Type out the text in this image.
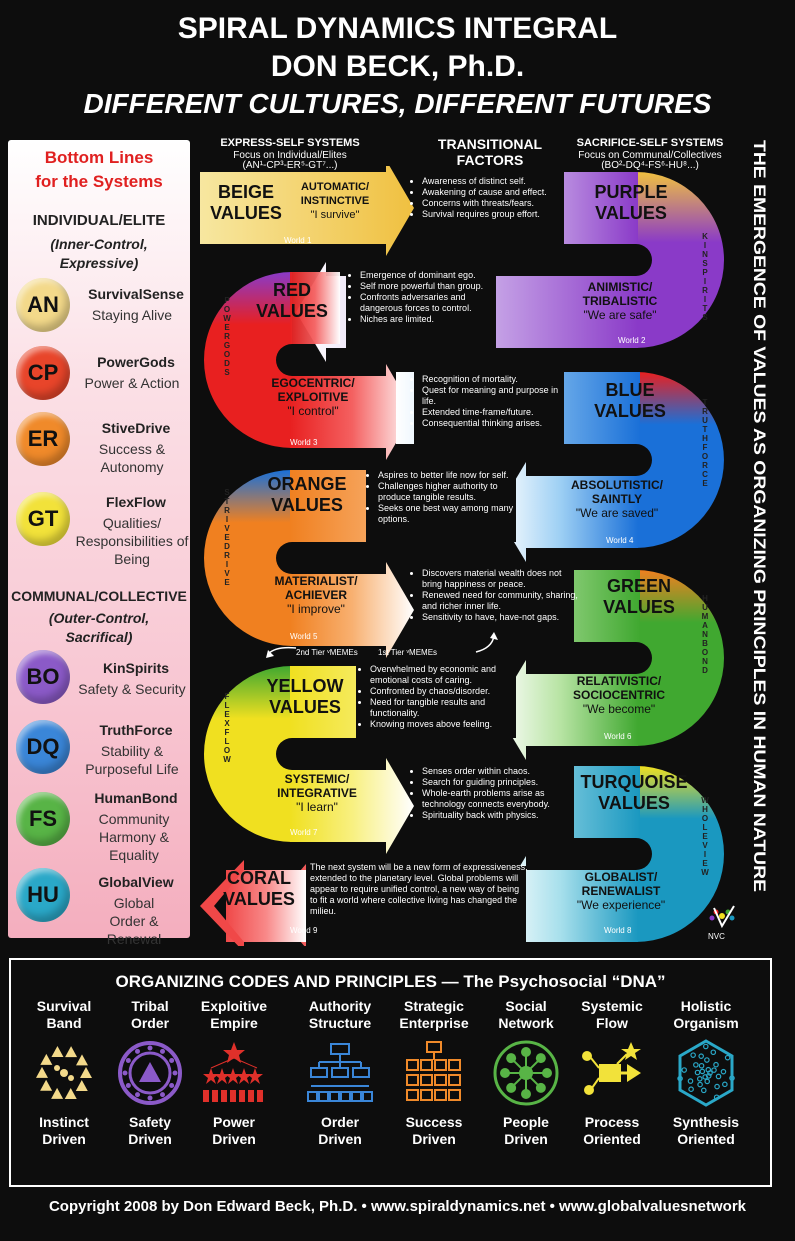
SPIRAL DYNAMICS INTEGRAL
DON BECK, Ph.D.
DIFFERENT CULTURES, DIFFERENT FUTURES
Bottom Lines
for the Systems
INDIVIDUAL/ELITE
(Inner-Control,
Expressive)
AN	SurvivalSense
Staying Alive
CP	PowerGods
Power & Action
ER	StiveDrive
Success & Autonomy
GT
FlexFlow
Qualities/ Responsibilities of Being
COMMUNAL/COLLECTIVE
(Outer-Control,
Sacrifical)
BO	KinSpirits
Safety & Security
DQ
TruthForce
Stability & Purposeful Life
FS
HumanBond
Community Harmony & Equality
HU	GlobalView
Global Order & Renewal
EXPRESS-SELF SYSTEMS
Focus on Individual/Elites
(AN¹-CP³-ER⁵-GT⁷...)
TRANSITIONAL
FACTORS
SACRIFICE-SELF SYSTEMS
Focus on Communal/Collectives
(BO²-DQ⁴-FS⁶-HU⁸...)	THE EMERGENCE OF VALUES AS ORGANIZING PRINCIPLES IN HUMAN NATURE
BEIGE
VALUES
AUTOMATIC/
INSTINCTIVE
"I survive"
World 1
• Awareness of distinct self.
• Awakening of cause and effect.
• Concerns with threats/fears.
• Survival requires group effort.
PURPLE
VALUES
ANIMISTIC/
TRIBALISTIC
"We are safe"
World 2
• Emergence of dominant ego.
• Self more powerful than group.
• Confronts adversaries and dangerous forces to control.
• Niches are limited.
RED
VALUES
EGOCENTRIC/
EXPLOITIVE
"I control"
World 3
• Recognition of mortality.
• Quest for meaning and purpose in life.
• Extended time-frame/future.
• Consequential thinking arises.
BLUE
VALUES
ABSOLUTISTIC/
SAINTLY
"We are saved"
World 4
• Aspires to better life now for self.
• Challenges higher authority to produce tangible results.
• Seeks one best way among many options.
ORANGE
VALUES
MATERIALIST/
ACHIEVER
"I improve"
World 5
• Discovers material wealth does not bring happiness or peace.
• Renewed need for community, sharing, and richer inner life.
• Sensitivity to have, have-not gaps.
2nd Tier ᵛMEMEs	1st Tier ᵛMEMEs
GREEN
VALUES
RELATIVISTIC/
SOCIOCENTRIC
"We become"
World 6
• Overwhelmed by economic and emotional costs of caring.
• Confronted by chaos/disorder.
• Need for tangible results and functionality.
• Knowing moves above feeling.
YELLOW
VALUES
SYSTEMIC/
INTEGRATIVE
"I learn"
World 7
• Senses order within chaos.
• Search for guiding principles.
• Whole-earth problems arise as technology connects everybody.
• Spirituality back with physics.
TURQUOISE
VALUES
GLOBALIST/
RENEWALIST
"We experience"
World 8
The next system will be a new form of expressiveness, extended to the planetary level. Global problems will appear to require unified control, a new way of being to fit a world where collective living has changed the milieu.
CORAL
VALUES
World 9
NVC
K
I
N
S
P
I
R
I
T
S
P
O
W
E
R
G
O
D
S
T
R
U
T
H
F
O
R
C
E
S
T
R
I
V
E
D
R
I
V
E
H
U
M
A
N
B
O
N
D
F
L
E
X
F
L
O
W
W
H
O
L
E
V
I
E
W
ORGANIZING CODES AND PRINCIPLES — The Psychosocial “DNA”
Survival
Band
Instinct
Driven
Tribal
Order
Safety
Driven
Exploitive
Empire
Power
Driven
Authority
Structure
Order
Driven
Strategic
Enterprise
Success
Driven
Social
Network
People
Driven
Systemic
Flow
Process
Oriented
Holistic
Organism
Synthesis
Oriented
Copyright 2008 by Don Edward Beck, Ph.D. • www.spiraldynamics.net • www.globalvaluesnetwork
